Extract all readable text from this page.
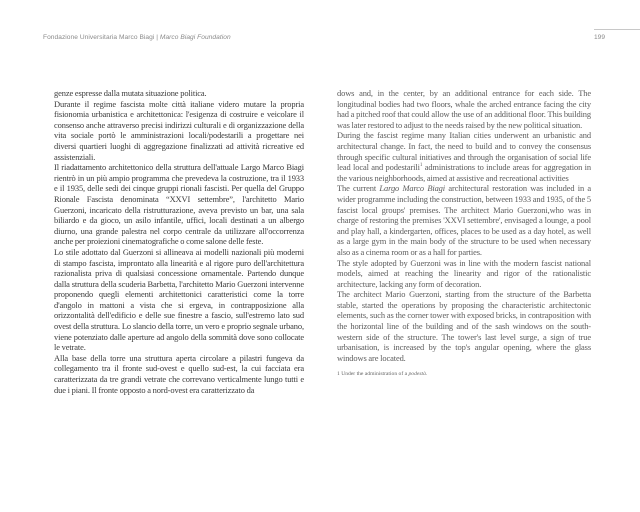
Fondazione Universitaria Marco Biagi | Marco Biagi Foundation	199

genze espresse dalla mutata situazione politica.

Durante il regime fascista molte città italiane videro mutare la propria fisionomia urbanistica e architettonica: l'esigenza di costruire e veicolare il consenso anche attraverso precisi indirizzi culturali e di organizzazione della vita sociale portò le amministrazioni locali/podestarili a progettare nei diversi quartieri luoghi di aggregazione finalizzati ad attività ricreative ed assistenziali.

Il riadattamento architettonico della struttura dell'attuale Largo Marco Biagi rientrò in un più ampio programma che prevedeva la costruzione, tra il 1933 e il 1935, delle sedi dei cinque gruppi rionali fascisti. Per quella del Gruppo Rionale Fascista denominata “XXVI settembre”, l'architetto Mario Guerzoni, incaricato della ristrutturazione, aveva previsto un bar, una sala biliardo e da gioco, un asilo infantile, uffici, locali destinati a un albergo diurno, una grande palestra nel corpo centrale da utilizzare all'occorrenza anche per proiezioni cinematografiche o come salone delle feste.

Lo stile adottato dal Guerzoni si allineava ai modelli nazionali più moderni di stampo fascista, improntato alla linearità e al rigore puro dell'architettura razionalista priva di qualsiasi concessione ornamentale. Partendo dunque dalla struttura della scuderia Barbetta, l'architetto Mario Guerzoni intervenne proponendo quegli elementi architettonici caratteristici come la torre d'angolo in mattoni a vista che si ergeva, in contrapposizione alla orizzontalità dell'edificio e delle sue finestre a fascio, sull'estremo lato sud ovest della struttura. Lo slancio della torre, un vero e proprio segnale urbano, viene potenziato dalle aperture ad angolo della sommità dove sono collocate le vetrate.

Alla base della torre una struttura aperta circolare a pilastri fungeva da collegamento tra il fronte sud-ovest e quello sud-est, la cui facciata era caratterizzata da tre grandi vetrate che correvano verticalmente lungo tutti e due i piani. Il fronte opposto a nord-ovest era caratterizzato da

dows and, in the center, by an additional entrance for each side. The longitudinal bodies had two floors, whale the arched entrance facing the city had a pitched roof that could allow the use of an additional floor. This building was later restored to adjust to the needs raised by the new political situation.

During the fascist regime many Italian cities underwent an urbanistic and architectural change. In fact, the need to build and to convey the consensus through specific cultural initiatives and through the organisation of social life lead local and podestarili$^1$ administrations to include areas for aggregation in the various neighborhoods, aimed at assistive and recreational activities

The current Largo Marco Biagi architectural restoration was included in a wider programme including the construction, between 1933 and 1935, of the 5 fascist local groups' premises. The architect Mario Guerzoni,who was in charge of restoring the premises 'XXVI settembre', envisaged a lounge, a pool and play hall, a kindergarten, offices, places to be used as a day hotel, as well as a large gym in the main body of the structure to be used when necessary also as a cinema room or as a hall for parties.

The style adopted by Guerzoni was in line with the modern fascist national models, aimed at reaching the linearity and rigor of the rationalistic architecture, lacking any form of decoration.

The architect Mario Guerzoni, starting from the structure of the Barbetta stable, started the operations by proposing the characteristic architectonic elements, such as the corner tower with exposed bricks, in contraposition with the horizontal line of the building and of the sash windows on the south-western side of the structure. The tower's last level surge, a sign of true urbanisation, is increased by the top's angular opening, where the glass windows are located.

1 Under the administration of a podestà.
